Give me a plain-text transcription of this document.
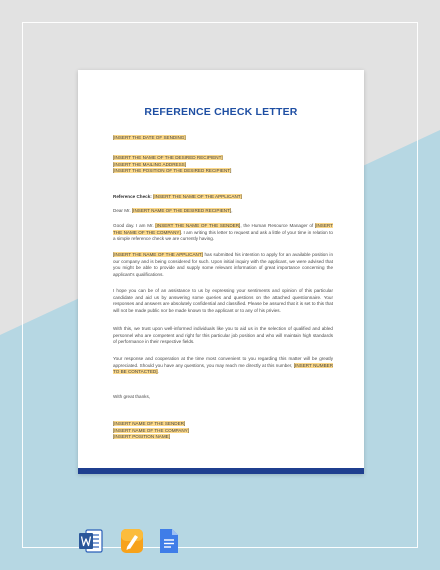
REFERENCE CHECK LETTER
[INSERT THE DATE OF SENDING]
[INSERT THE NAME OF THE DESIRED RECIPIENT]
[INSERT THE MAILING ADDRESS]
[INSERT THE POSITION OF THE DESIRED RECIPIENT]
Reference Check: [INSERT THE NAME OF THE APPLICANT]
Dear Mr. [INSERT NAME OF THE DESIRED RECIPIENT],
Good day. I am Mr. [INSERT THE NAME OF THE SENDER], the Human Resource Manager of [INSERT THE NAME OF THE COMPANY]. I am writing this letter to request and ask a little of your time in relation to a simple reference check we are currently having.
[INSERT THE NAME OF THE APPLICANT] has submitted his intention to apply for an available position in our company and is being considered for such. Upon initial inquiry with the applicant, we were advised that you might be able to provide and supply some relevant information of great importance concerning the applicant's qualifications.
I hope you can be of an assistance to us by expressing your sentiments and opinion of this particular candidate and aid us by answering some queries and questions on the attached questionnaire. Your responses and answers are absolutely confidential and classified. Please be assured that it is set to this that will not be made public nor be made known to the applicant or to any of his privies.
With this, we trust upon well-informed individuals like you to aid us in the selection of qualified and abled personnel who are competent and right for this particular job position and who will maintain high standards of performance in their respective fields.
Your response and cooperation at the time most convenient to you regarding this matter will be greatly appreciated. Should you have any questions, you may reach me directly at this number, [INSERT NUMBER TO BE CONTACTED].
With great thanks,
[INSERT NAME OF THE SENDER]
[INSERT NAME OF THE COMPANY]
[INSERT POSITION NAME]
